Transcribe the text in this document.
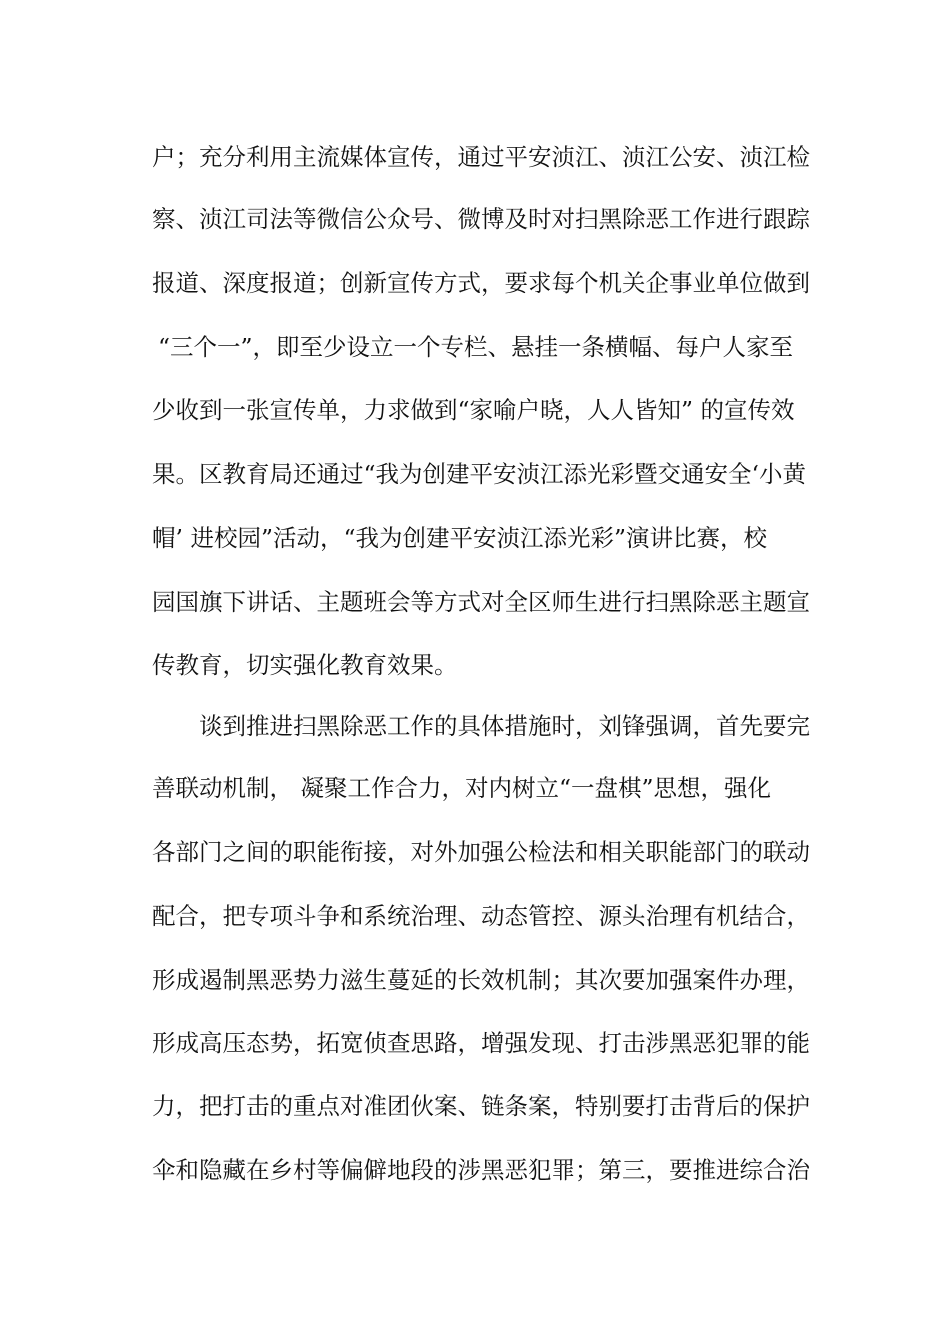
户；充分利用主流媒体宣传，通过平安浈江、浈江公安、浈江检
察、浈江司法等微信公众号、微博及时对扫黑除恶工作进行跟踪
报道、深度报道；创新宣传方式，要求每个机关企事业单位做到
“三个一”，即至少设立一个专栏、悬挂一条横幅、每户人家至
少收到一张宣传单，力求做到“家喻户晓，人人皆知” 的宣传效
果。区教育局还通过“我为创建平安浈江添光彩暨交通安全‘小黄
帽’ 进校园”活动，“我为创建平安浈江添光彩”演讲比赛，校
园国旗下讲话、主题班会等方式对全区师生进行扫黑除恶主题宣
传教育，切实强化教育效果。
谈到推进扫黑除恶工作的具体措施时，刘锋强调，首先要完
善联动机制， 凝聚工作合力，对内树立“一盘棋”思想，强化
各部门之间的职能衔接，对外加强公检法和相关职能部门的联动
配合，把专项斗争和系统治理、动态管控、源头治理有机结合，
形成遏制黑恶势力滋生蔓延的长效机制；其次要加强案件办理，
形成高压态势，拓宽侦查思路，增强发现、打击涉黑恶犯罪的能
力，把打击的重点对准团伙案、链条案，特别要打击背后的保护
伞和隐藏在乡村等偏僻地段的涉黑恶犯罪；第三，要推进综合治
